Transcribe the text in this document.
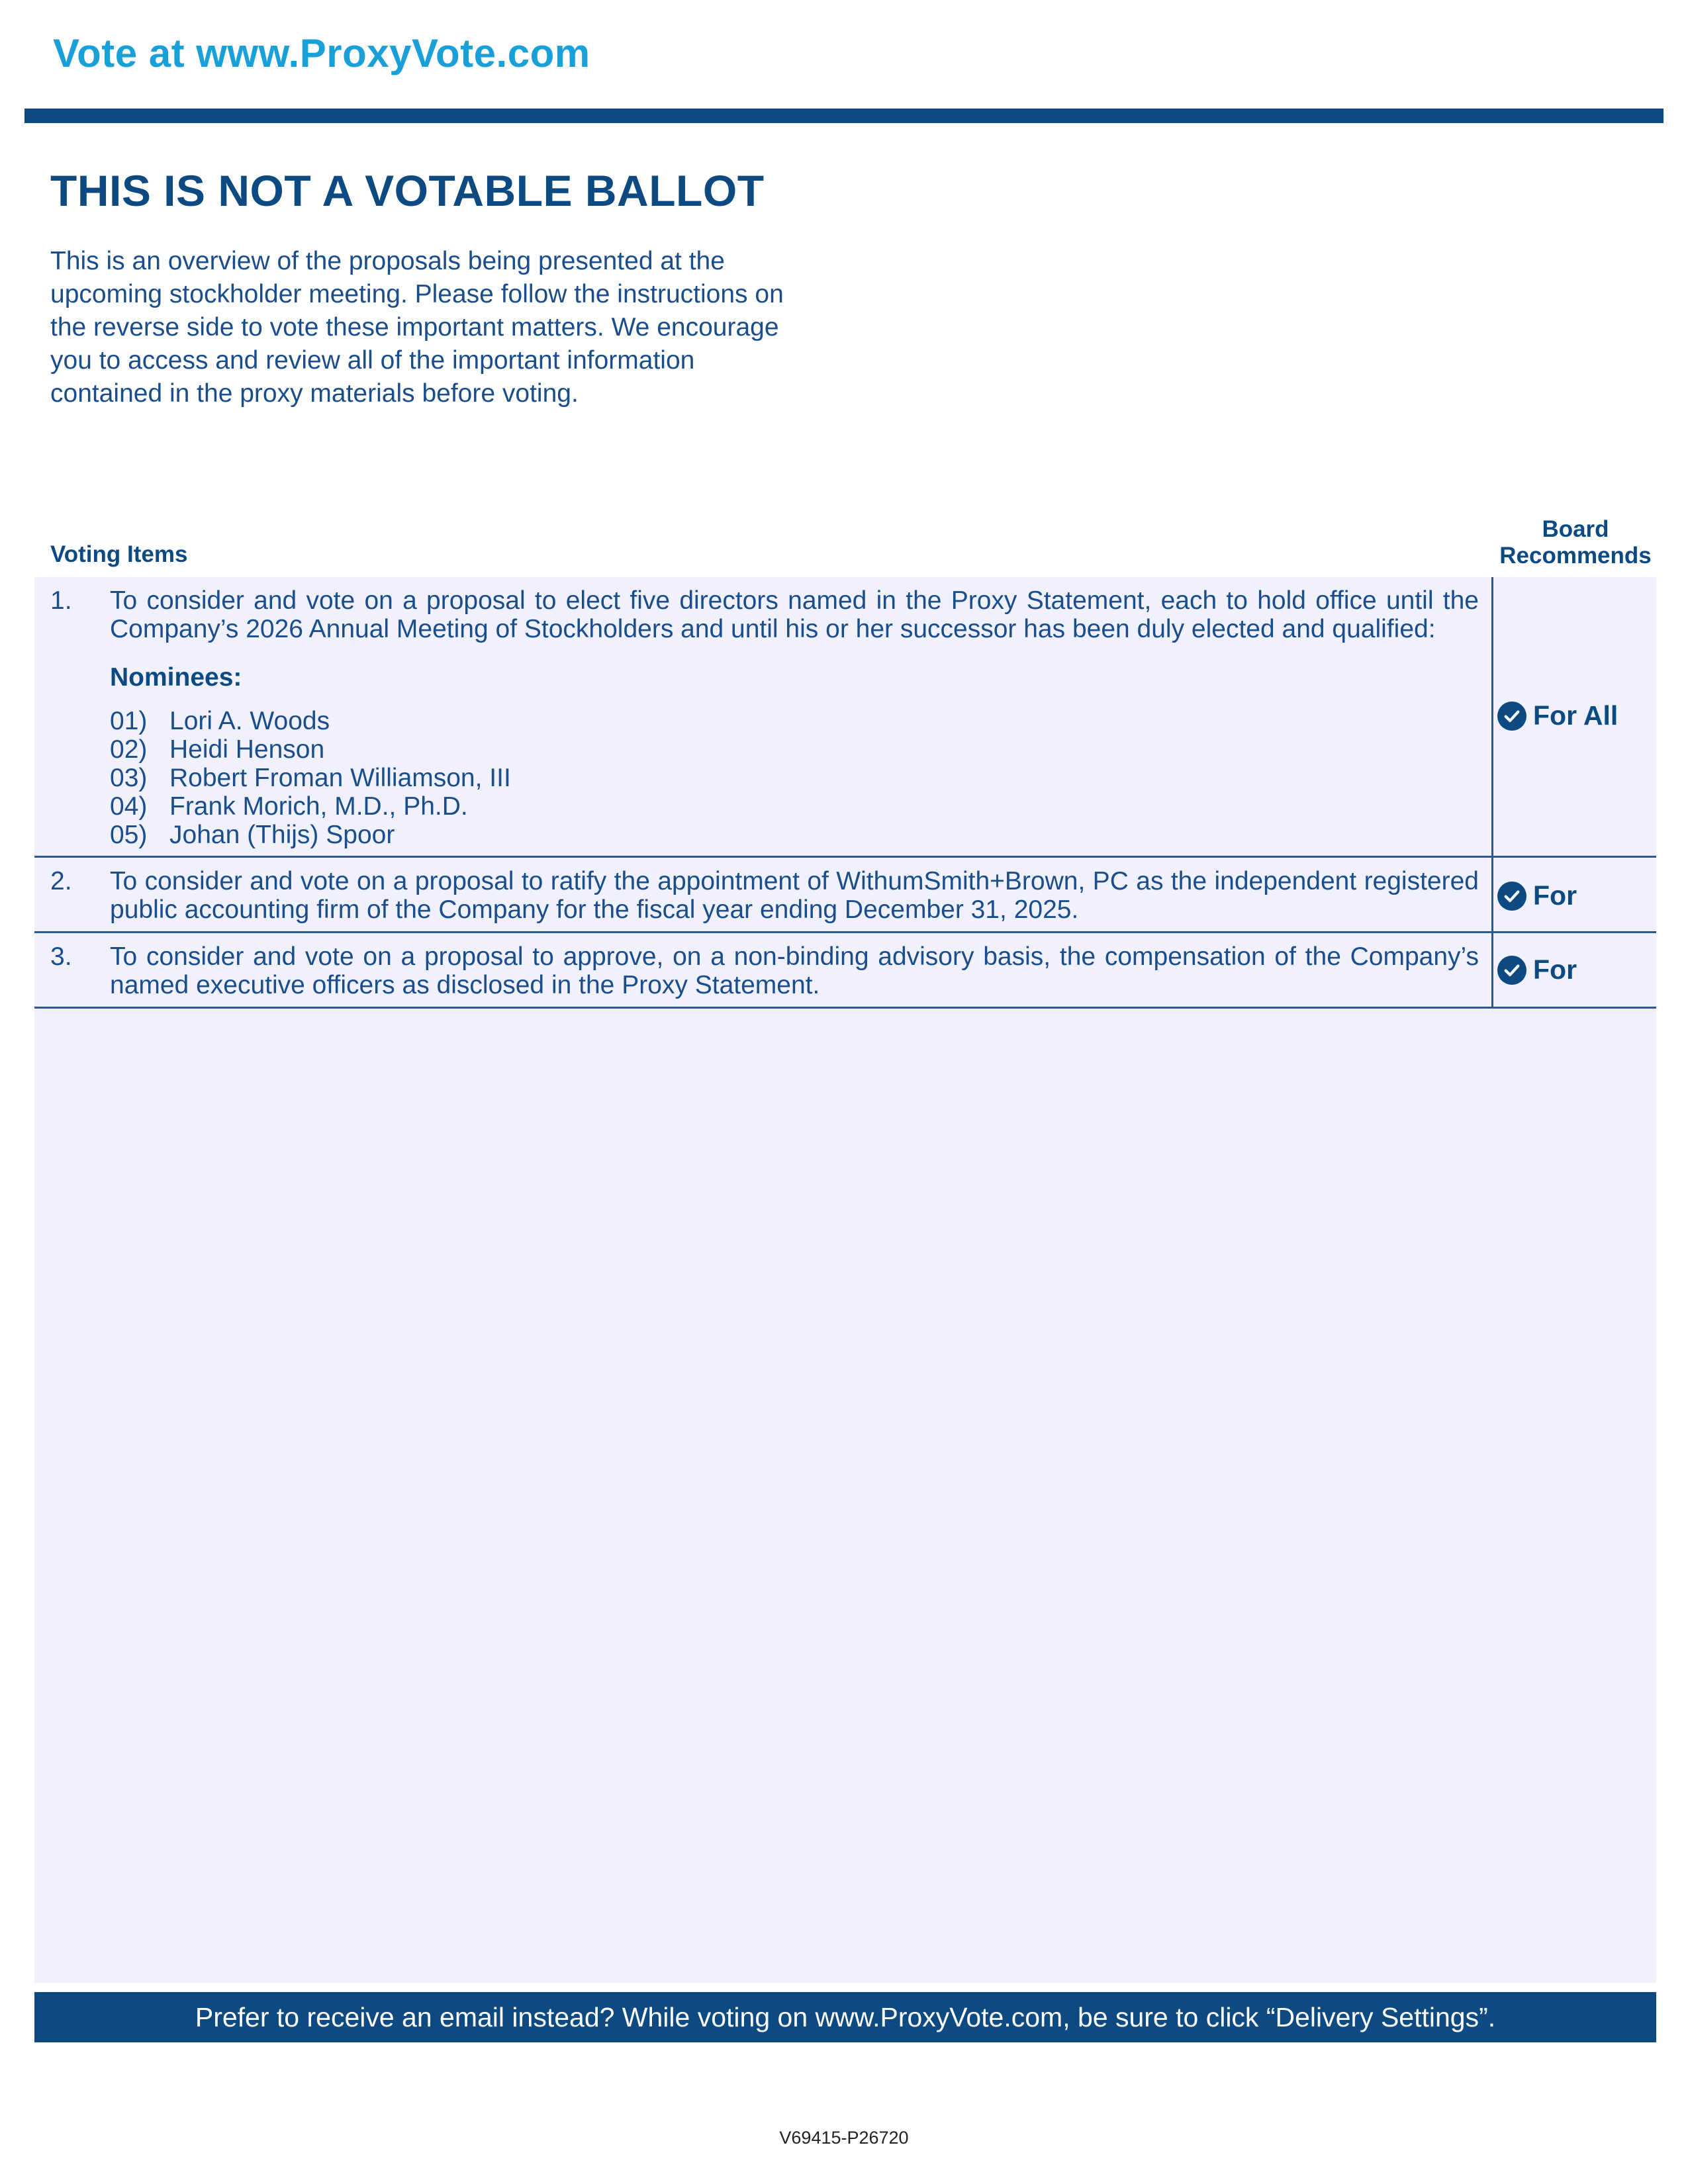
Vote at www.ProxyVote.com
THIS IS NOT A VOTABLE BALLOT
This is an overview of the proposals being presented at the
upcoming stockholder meeting. Please follow the instructions on
the reverse side to vote these important matters. We encourage
you to access and review all of the important information
contained in the proxy materials before voting.
Voting Items
Board
Recommends
1. To consider and vote on a proposal to elect five directors named in the Proxy Statement, each to hold office until the Company’s 2026 Annual Meeting of Stockholders and until his or her successor has been duly elected and qualified:
Nominees:
01) Lori A. Woods
02) Heidi Henson
03) Robert Froman Williamson, III
04) Frank Morich, M.D., Ph.D.
05) Johan (Thijs) Spoor
2. To consider and vote on a proposal to ratify the appointment of WithumSmith+Brown, PC as the independent registered public accounting firm of the Company for the fiscal year ending December 31, 2025.
3. To consider and vote on a proposal to approve, on a non-binding advisory basis, the compensation of the Company’s named executive officers as disclosed in the Proxy Statement.
For All
For
For
Prefer to receive an email instead? While voting on www.ProxyVote.com, be sure to click “Delivery Settings”.
V69415-P26720
